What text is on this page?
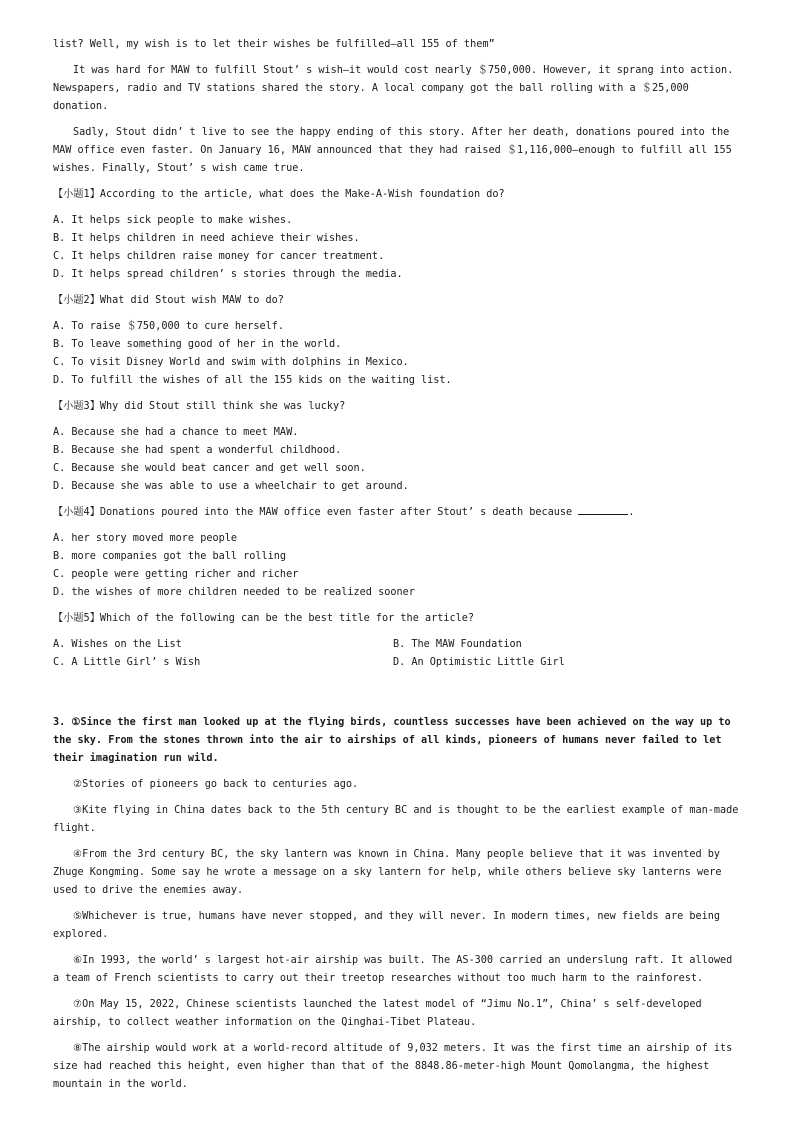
list? Well, my wish is to let their wishes be fulfilled—all 155 of them”

It was hard for MAW to fulfill Stout’ s wish—it would cost nearly ＄750,000. However, it sprang into action. Newspapers, radio and TV stations shared the story. A local company got the ball rolling with a ＄25,000 donation.

Sadly, Stout didn’ t live to see the happy ending of this story. After her death, donations poured into the MAW office even faster. On January 16, MAW announced that they had raised ＄1,116,000—enough to fulfill all 155 wishes. Finally, Stout’ s wish came true.

【小题1】According to the article, what does the Make-A-Wish foundation do?

A. It helps sick people to make wishes.
B. It helps children in need achieve their wishes.
C. It helps children raise money for cancer treatment.
D. It helps spread children’ s stories through the media.

【小题2】What did Stout wish MAW to do?

A. To raise ＄750,000 to cure herself.
B. To leave something good of her in the world.
C. To visit Disney World and swim with dolphins in Mexico.
D. To fulfill the wishes of all the 155 kids on the waiting list.

【小题3】Why did Stout still think she was lucky?

A. Because she had a chance to meet MAW.
B. Because she had spent a wonderful childhood.
C. Because she would beat cancer and get well soon.
D. Because she was able to use a wheelchair to get around.

【小题4】Donations poured into the MAW office even faster after Stout’ s death because	.

A. her story moved more people
B. more companies got the ball rolling
C. people were getting richer and richer
D. the wishes of more children needed to be realized sooner

【小题5】Which of the following can be the best title for the article?

A. Wishes on the List	B. The MAW Foundation
C. A Little Girl’ s Wish	D. An Optimistic Little Girl

3. ①Since the first man looked up at the flying birds, countless successes have been achieved on the way up to the sky. From the stones thrown into the air to airships of all kinds, pioneers of humans never failed to let their imagination run wild.

②Stories of pioneers go back to centuries ago.

③Kite flying in China dates back to the 5th century BC and is thought to be the earliest example of man-made flight.

④From the 3rd century BC, the sky lantern was known in China. Many people believe that it was invented by Zhuge Kongming. Some say he wrote a message on a sky lantern for help, while others believe sky lanterns were used to drive the enemies away.

⑤Whichever is true, humans have never stopped, and they will never. In modern times, new fields are being explored.

⑥In 1993, the world’ s largest hot-air airship was built. The AS-300 carried an underslung raft. It allowed a team of French scientists to carry out their treetop researches without too much harm to the rainforest.

⑦On May 15, 2022, Chinese scientists launched the latest model of “Jimu No.1”, China’ s self-developed airship, to collect weather information on the Qinghai-Tibet Plateau.

⑧The airship would work at a world-record altitude of 9,032 meters. It was the first time an airship of its size had reached this height, even higher than that of the 8848.86-meter-high Mount Qomolangma, the highest mountain in the world.
